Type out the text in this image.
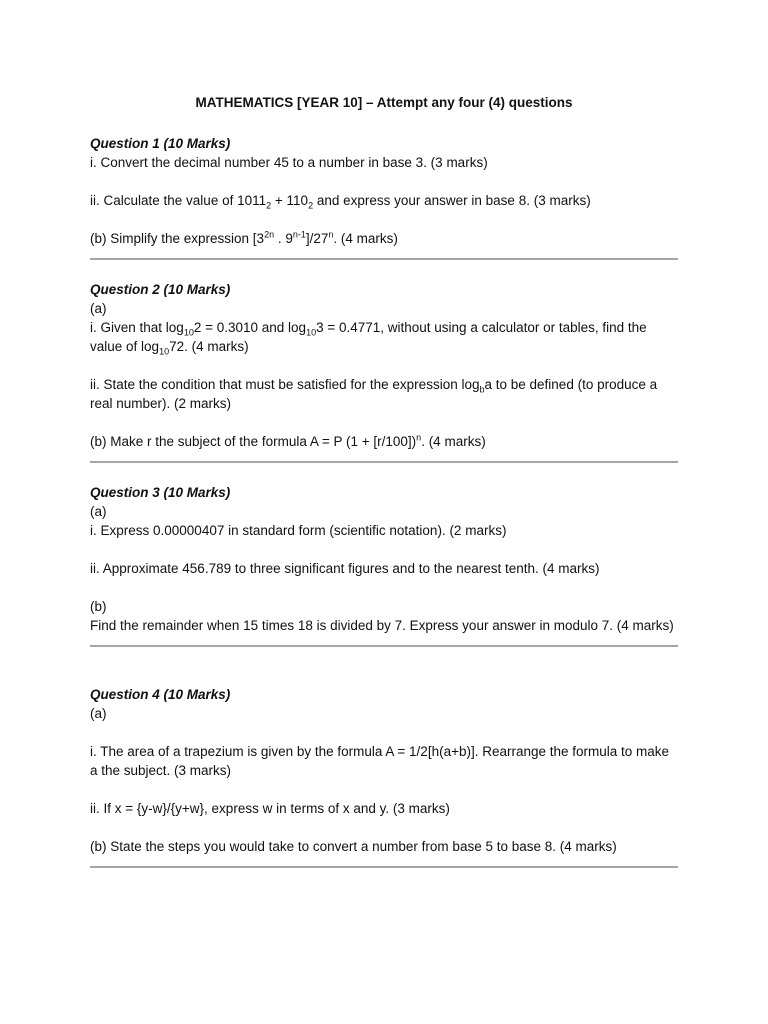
MATHEMATICS [YEAR 10] – Attempt any four (4) questions

Question 1 (10 Marks)

i. Convert the decimal number 45 to a number in base 3. (3 marks)

ii. Calculate the value of $1011_2 + 110_2$ and express your answer in base 8. (3 marks)

(b) Simplify the expression [$3^{2n}$ . 9$^{n-1}$]/27$^n$. (4 marks)

Question 2 (10 Marks)

(a)

i. Given that $\log_{10}2 = 0.3010$ and $\log_{10}3 = 0.4771$, without using a calculator or tables, find the value of $\log_{10}72$. (4 marks)

ii. State the condition that must be satisfied for the expression $\log_ba$ to be defined (to produce a real number). (2 marks)

(b) Make r the subject of the formula A = P $(1 + [r/100])^n$. (4 marks)

Question 3 (10 Marks)

(a)

i. Express 0.00000407 in standard form (scientific notation). (2 marks)

ii. Approximate 456.789 to three significant figures and to the nearest tenth. (4 marks)

(b)

Find the remainder when 15 times 18 is divided by 7. Express your answer in modulo 7. (4 marks)

Question 4 (10 Marks)

(a)

i. The area of a trapezium is given by the formula A = 1/2[h(a+b)]. Rearrange the formula to make a the subject. (3 marks)

ii. If x = {y-w}/{y+w}, express w in terms of x and y. (3 marks)

(b) State the steps you would take to convert a number from base 5 to base 8. (4 marks)
